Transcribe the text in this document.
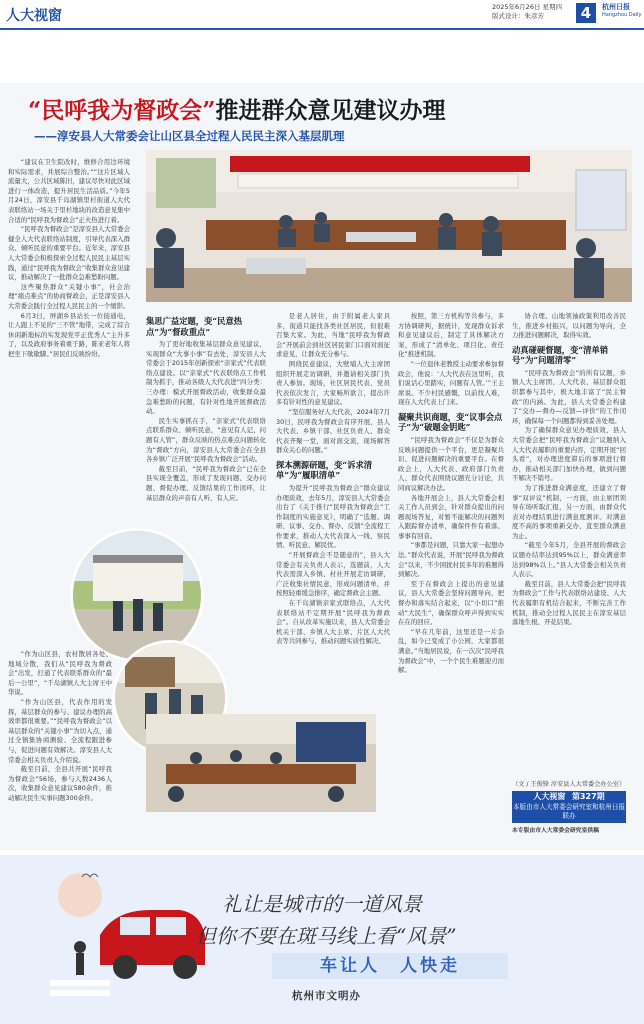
人大视窗
2025年6月26日 星期四
版式设计：朱彦芳	4	杭州日报
Hangzhou Daily
“民呼我为督政会”推进群众意见建议办理
——淳安县人大常委会让山区县全过程人民民主深入基层肌理

“建议在卫生院改时，维修合用边环境和实际需求，并展综合整治。”“这片区域人流量大，公共区域陈旧，建议尽快对此区域进行一体改造，提升居民生活品质。”今年5月24日，淳安县千岛湖镇里杉街道人大代表联络站一场关于里杉地块的改造意见集中合适的“民呼我为督政会”正火热进行着。

“民呼我为督政会”是淳安县人大常委会健全人大代表联络站制度，引导代表深入群众、倾听民意的重要平台。近年来，淳安县人大常委会积极探索全过程人民民主基层实践，通过“民呼我为督政会”收集群众意见建议，推动解决了一批群众急难愁盼问题。

这些聚焦群众“关键小事”，社会治理“痛点难点”的协商督政会，正是淳安县人大常委会践行全过程人民民主的一个缩影。

6月3日，屏湖乡县站长一位接通电，让人跟上不见的“三不管”地带，完成了綜合休闲新地标的实发现党平正优秀人“主升多了，以及政府事务着重于路，陈亚老年人将把坐下歇歇脚。”居民们反映纷纷。

“作为山区县，农村散居各处、地域分散，我们从“民呼我为督政会”出发，打通了代表联系群众的“最后一公里”，“千岛湖镇人大主席王中华说。

“作为山区县，代表作用的发挥，基层群众的参与、建议办理的高效率都很重要。”“民呼我为督政会”以基层群众的“关键小事”为切入点，通过全镇集协商测验、全流程跟进参与，促进问题有效解决。淳安县人大常委会相关负责人介绍说。

截至目前，全县共开展“民呼我为督政会”56场，参与人数2436人次，收集群众意见建议580余件，推动解决民生实事问题300余件。

集思广益定题，变“民意热点”为“督政重点”

为了更好地收集基层群众意见建议，实现群众“大事小事”有去处，淳安县人大常委会于2015年创新探索“亲家式”代表联络点建设。以“亲家式”代表联络点工作机制为抓手，推动各级人大代表进“四分类：三办理：模式开展督政活动，收集群众最急难愁盼的问题，有针对性地开展督政活动。

民生实事抓在手，“亲家式”代表联络点联系群众、倾听民意，“意见有人记、问题有人管”，群众反映的热点难点问题转化为“督政”方向，淳安县人大常委会在全县各乡镇广泛开展“民呼我为督政会”活动。

截至目前，“民呼我为督政会”已在全县实现全覆盖，形成了发现问题、交办问题、督促办理、反馈结果的工作闭环，让基层群众的声音有人听、有人应。

是老人居住，由于附属老人家具多，街道只能找各类社区居民，但很难召集大家。为此，当地“民呼我为督政会”开展前会到社区居民家门口面对面征求意见，让群众充分参与。

围绕民意建议，大壁埔人大主席团组织开展走访调研，并邀请相关部门负责人参加。现场，社区居民代表、党员代表依次发言，大家畅所欲言，提出许多有针对性的意见建议。

“坚信服务好人大代表，2024年7月30日，民呼我为督政会有序开展，县人大代表、乡镇干部、社区负责人、群众代表齐聚一堂，面对面交流，现场解答群众关心的问题。”

探本溯源研题，变“诉求清单”为“履职清单”

为提升“民呼我为督政会”群众建议办理质效，去年5月，淳安县人大常委会出台了《关于推行“民呼我为督政会”工作制度的实施意见》，明确了“选题、调研、议事、交办、督办、反馈”全流程工作要求，推动人大代表深入一线、察民情、听民意、解民忧。

“开展督政会不是随意的”，县人大常委会有关负责人表示，选题前，人大代表需深入乡镇、村社开展走访调研，广泛收集社情民意，形成问题清单，并按照轻重缓急排序，确定督政会主题。

在千岛湖镇亲家式联络点，人大代表联络站不定期开展“民呼我为督政会”。自从改革实施以来，县人大常委会机关干部、乡镇人大主席、片区人大代表等共同参与，推动问题实质性解决。

按照，第三方机构等共参与，多方协调研判，据统计，发现群众诉求和意见建议后，制定了具体解决方案，形成了“清单化、项目化、责任化”推进机制。

“一位退休老教授主动要求参加督政会，他说：‘人大代表在这里听，我们说话心里踏实，问题有人管。’”王主席说。不少村民感慨，以前找人难，现在人大代表上门来。

凝聚共识商题，变“议事会点子”为“破题金钥匙”

“民呼我为督政会”不仅是为群众反映问题提供一个平台，更是凝聚共识、促进问题解决的重要平台。在督政会上，人大代表、政府部门负责人、群众代表围绕议题充分讨论，共同商议解决办法。

各地开展会上，县人大常委会相关工作人员到会，针对群众提出的问题现场答复，对暂不能解决的问题列入跟踪督办清单，确保件件有着落、事事有回音。

“事都是问题，只靠大家一起想办法。”群众代表说，开展“民呼我为督政会”以来，不少困扰村民多年的难题得到解决。

至于在督政会上提出的意见建议，县人大常委会坚持问题导向，把督办和落实结合起来，以“小切口”推动“大民生”，确保群众呼声得到实实在在的回应。

“早在几年前，这里还是一片杂乱，如今已变成了小公园，大家都很满意。”当地居民说，在一次次“民呼我为督政会”中，一个个民生难题迎刃而解。

协合理、山地领袖政策利用改善民生，推进乡村振兴，以问题为导向，全力推进问题解决，取得实效。

动真碰硬督题，变“清单销号”为“问题清零”

“民呼我为督政会”的所有议题，乡镇人大主席团、人大代表、基层群众组织都参与其中，极大地丰富了“民主督政”的内涵。为此，县人大常委会构建了“交办—督办—反馈—评价”的工作闭环，确保每一个问题都得到妥善处理。

为了确保群众意见办理质效，县人大常委会把“民呼我为督政会”议题纳入人大代表履职的重要内容，定期开展“回头看”，对办理进度滞后的事项进行督办，推动相关部门加快办理，做到问题不解决不销号。

为了推进群众满意度，还建立了督事“双评议”机制，一方面，由主席团领导在场听取汇报，另一方面，由群众代表对办理结果进行满意度测评。对满意度不高的事项重新交办，直至群众满意为止。

“截至今年5月，全县开展的督政会议题办结率达到95%以上，群众满意率达到98%以上。”县人大常委会相关负责人表示。

截至目前，县人大常委会把“民呼我为督政会”工作与代表联络站建设、人大代表履职有机结合起来，不断完善工作机制，推动全过程人民民主在淳安基层落地生根、开花结果。

（文 / 王俊锋 淳安县人大常委会办公室）
人大视窗　 第327期
本版由市人大常委会研究室和杭州日报联办
本专版由市人大常委会研究室供稿
礼让是城市的一道风景
但你不要在斑马线上看“风景”
车让人　人快走
杭州市文明办
